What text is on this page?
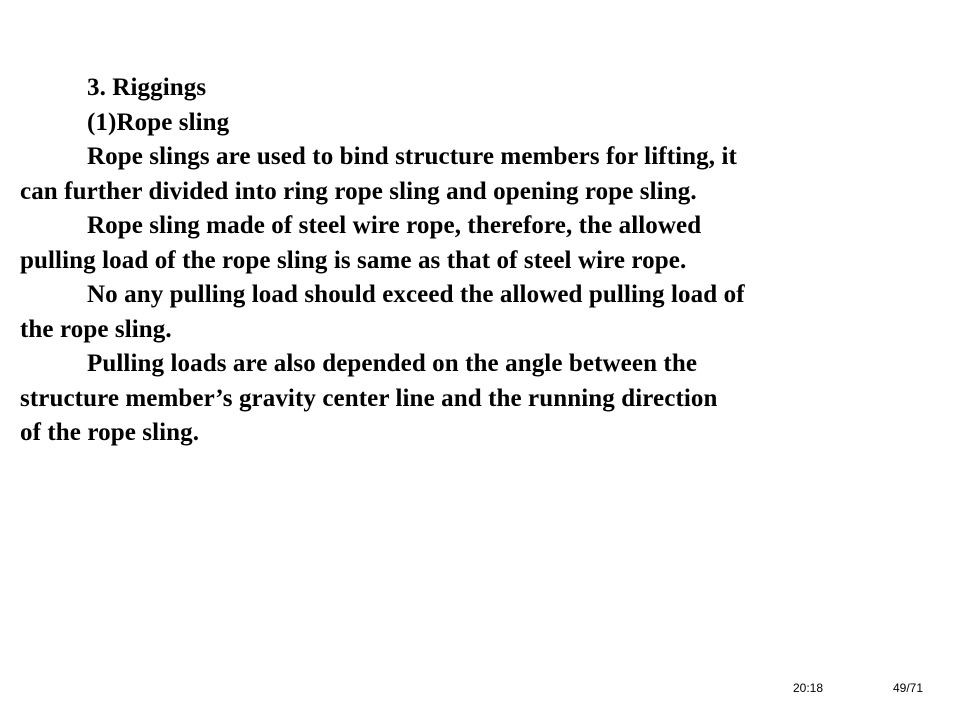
3. Riggings

(1)Rope sling

Rope slings are used to bind structure members for lifting, it

can further divided into ring rope sling and opening rope sling.

Rope sling made of steel wire rope, therefore, the allowed

pulling load of the rope sling is same as that of steel wire rope.

No any pulling load should exceed the allowed pulling load of

the rope sling.

Pulling loads are also depended on the angle between the

structure member’s gravity center line and the running direction

of the rope sling.

20:18	49/71
